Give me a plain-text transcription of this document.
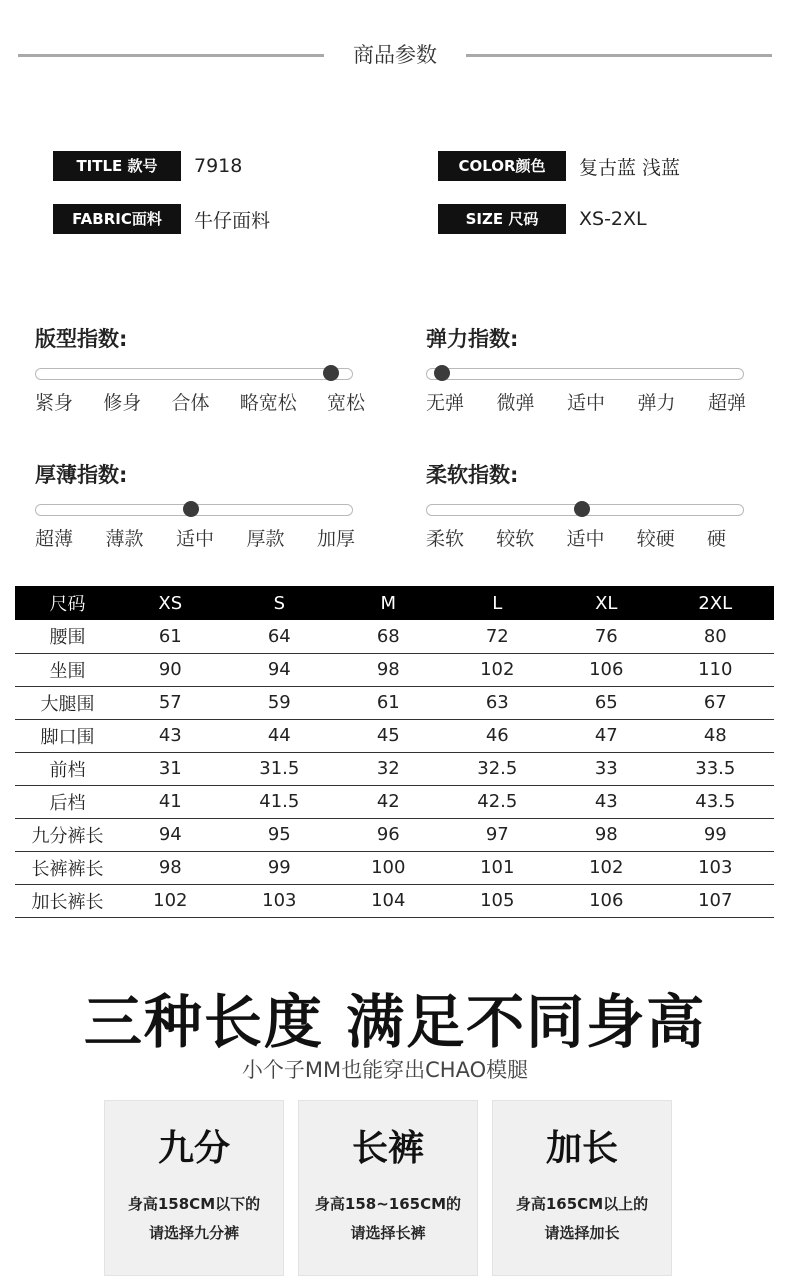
商品参数
TITLE 款号	7918
FABRIC面料	牛仔面料
COLOR颜色	复古蓝 浅蓝
SIZE 尺码	XS-2XL
版型指数:
紧身 修身 合体 略宽松 宽松
弹力指数:
无弹 微弹 适中 弹力 超弹
厚薄指数:
超薄 薄款 适中 厚款 加厚
柔软指数:
柔软 较软 适中 较硬 硬
尺码	XS	S	M	L	XL	2XL
腰围	61	64	68	72	76	80
坐围	90	94	98	102	106	110
大腿围	57	59	61	63	65	67
脚口围	43	44	45	46	47	48
前档	31	31.5	32	32.5	33	33.5
后档	41	41.5	42	42.5	43	43.5
九分裤长	94	95	96	97	98	99
长裤裤长	98	99	100	101	102	103
加长裤长	102	103	104	105	106	107
三种长度 满足不同身高
小个子MM也能穿出CHAO模腿
九分
身高158CM以下的
请选择九分裤
长裤
身高158~165CM的
请选择长裤
加长
身高165CM以上的
请选择加长
